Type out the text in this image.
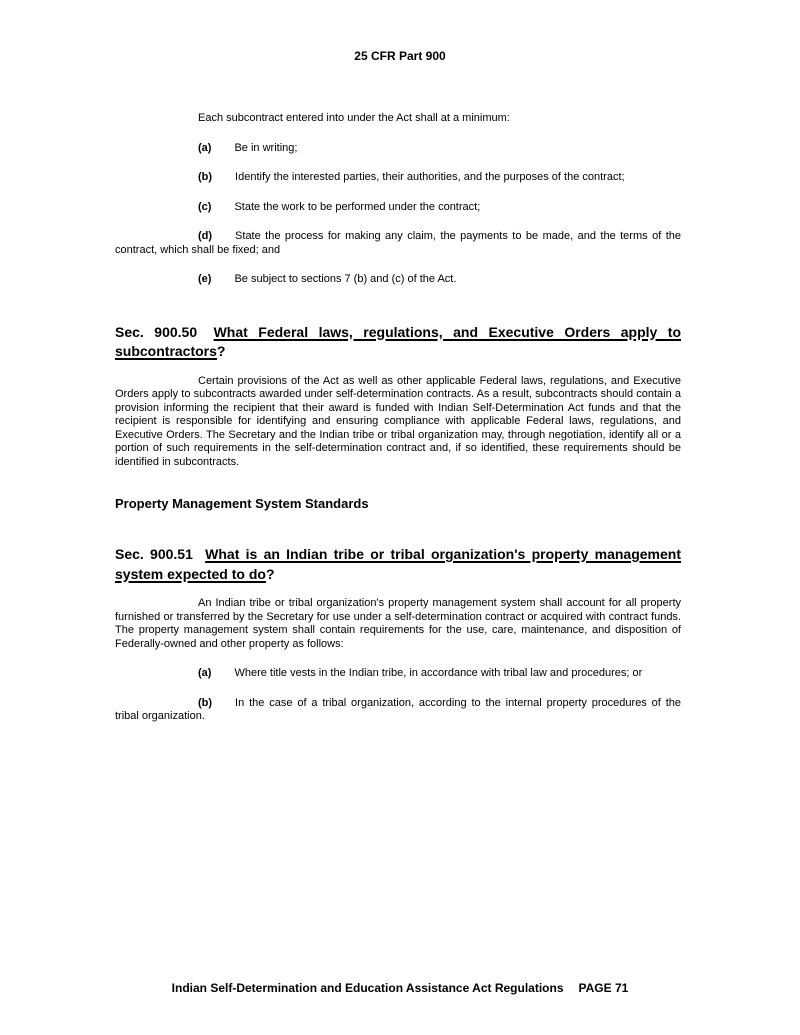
25 CFR Part 900

Each subcontract entered into under the Act shall at a minimum:

(a) Be in writing;

(b) Identify the interested parties, their authorities, and the purposes of the contract;

(c) State the work to be performed under the contract;

(d) State the process for making any claim, the payments to be made, and the terms of the contract, which shall be fixed; and

(e) Be subject to sections 7 (b) and (c) of the Act.

Sec. 900.50 What Federal laws, regulations, and Executive Orders apply to subcontractors?

Certain provisions of the Act as well as other applicable Federal laws, regulations, and Executive Orders apply to subcontracts awarded under self-determination contracts. As a result, subcontracts should contain a provision informing the recipient that their award is funded with Indian Self-Determination Act funds and that the recipient is responsible for identifying and ensuring compliance with applicable Federal laws, regulations, and Executive Orders. The Secretary and the Indian tribe or tribal organization may, through negotiation, identify all or a portion of such requirements in the self-determination contract and, if so identified, these requirements should be identified in subcontracts.

Property Management System Standards
Sec. 900.51 What is an Indian tribe or tribal organization's property management system expected to do?

An Indian tribe or tribal organization's property management system shall account for all property furnished or transferred by the Secretary for use under a self-determination contract or acquired with contract funds. The property management system shall contain requirements for the use, care, maintenance, and disposition of Federally-owned and other property as follows:

(a) Where title vests in the Indian tribe, in accordance with tribal law and procedures; or

(b) In the case of a tribal organization, according to the internal property procedures of the tribal organization.

Indian Self-Determination and Education Assistance Act Regulations PAGE 71
